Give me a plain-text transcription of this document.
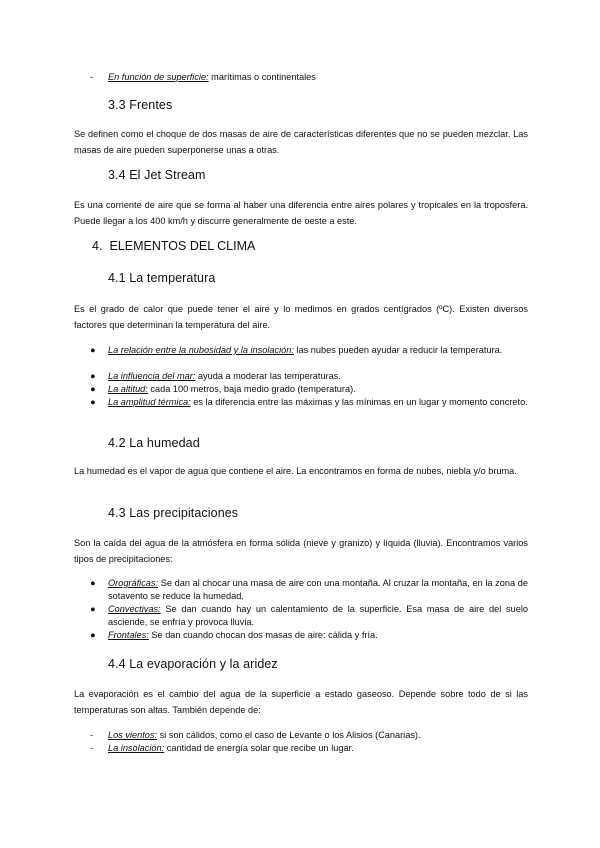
- En función de superficie: marítimas o continentales
3.3 Frentes

Se definen como el choque de dos masas de aire de características diferentes que no se pueden mezclar. Las masas de aire pueden superponerse unas a otras.

3.4 El Jet Stream

Es una corriente de aire que se forma al haber una diferencia entre aires polares y tropicales en la troposfera. Puede llegar a los 400 km/h y discurre generalmente de oeste a este.

4. ELEMENTOS DEL CLIMA
4.1 La temperatura

Es el grado de calor que puede tener el aire y lo medimos en grados centígrados (ºC). Existen diversos factores que determinan la temperatura del aire.

● La relación entre la nubosidad y la insolación: las nubes pueden ayudar a reducir la temperatura.
● La influencia del mar: ayuda a moderar las temperaturas.
● La altitud: cada 100 metros, baja medio grado (temperatura).
● La amplitud térmica: es la diferencia entre las máximas y las mínimas en un lugar y momento concreto.
4.2 La humedad

La humedad es el vapor de agua que contiene el aire. La encontramos en forma de nubes, niebla y/o bruma.

4.3 Las precipitaciones

Son la caída del agua de la atmósfera en forma sólida (nieve y granizo) y líquida (lluvia). Encontramos varios tipos de precipitaciones:

● Orográficas: Se dan al chocar una masa de aire con una montaña. Al cruzar la montaña, en la zona de sotavento se reduce la humedad.
● Convectivas: Se dan cuando hay un calentamiento de la superficie. Esa masa de aire del suelo asciende, se enfría y provoca lluvia.
● Frontales: Se dan cuando chocan dos masas de aire: cálida y fría.
4.4 La evaporación y la aridez

La evaporación es el cambio del agua de la superficie a estado gaseoso. Depende sobre todo de si las temperaturas son altas. También depende de:

- Los vientos: si son cálidos, como el caso de Levante o los Alisios (Canarias).
- La insolación: cantidad de energía solar que recibe un lugar.
